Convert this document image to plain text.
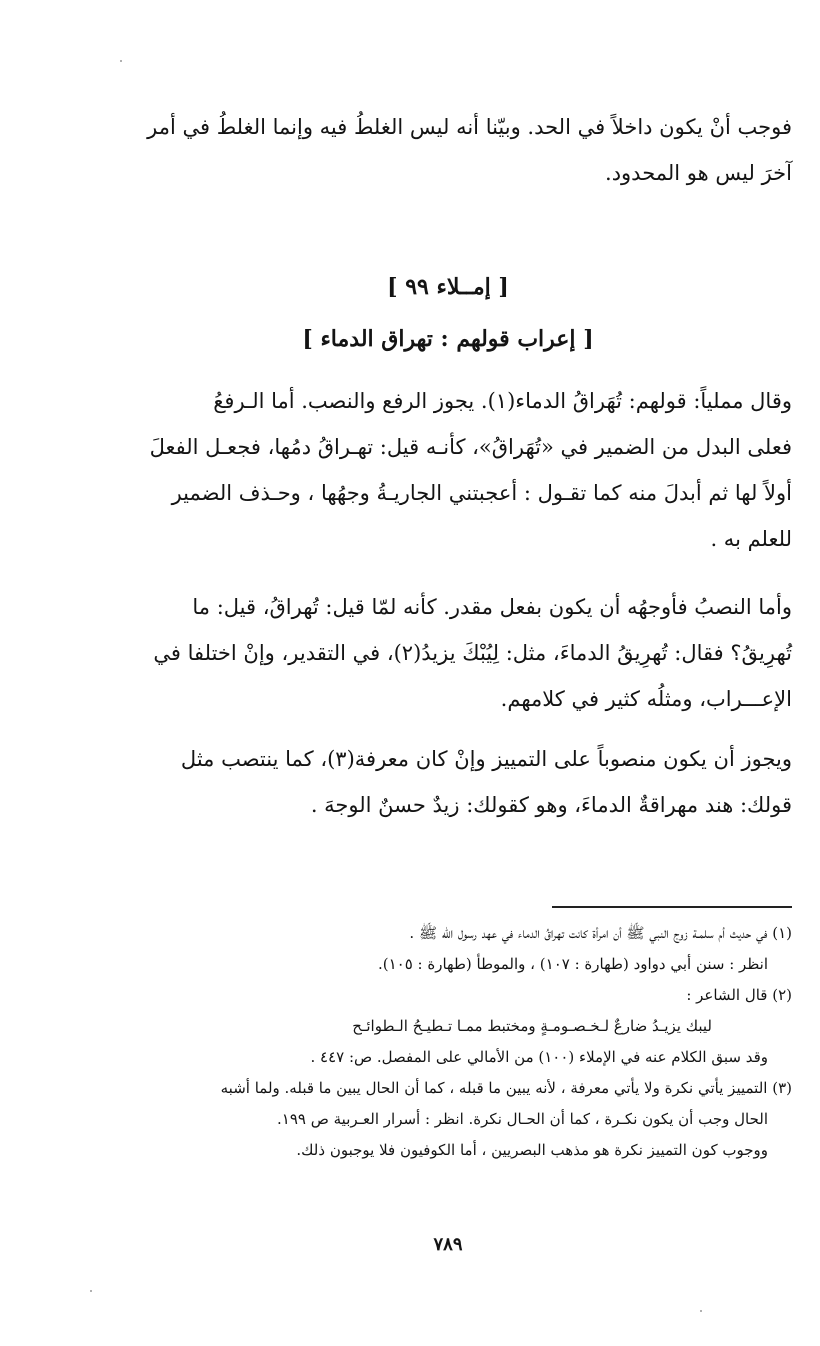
فوجب أنْ يكون داخلاً في الحد. وبيّنا أنه ليس الغلطُ فيه وإنما الغلطُ في أمر
آخرَ ليس هو المحدود.

[ إمــلاء ٩٩ ]
[ إعراب قولهم : تهراق الدماء ]

وقال مملياً: قولهم: تُهَراقُ الدماء(١). يجوز الرفع والنصب. أما الـرفعُ
فعلى البدل من الضمير في «تُهَراقُ»، كأنـه قيل: تهـراقُ دمُها، فجعـل الفعلَ
أولاً لها ثم أبدلَ منه كما تقـول : أعجبتني الجاريـةُ وجهُها ، وحـذف الضمير
للعلم به .

وأما النصبُ فأوجهُه أن يكون بفعل مقدر. كأنه لمّا قيل: تُهراقُ، قيل: ما
تُهرِيقُ؟ فقال: تُهرِيقُ الدماءَ، مثل: لِيُبْكَ يزيدُ(٢)، في التقدير، وإنْ اختلفا في
الإعـــراب، ومثلُه كثير في كلامهم.

ويجوز أن يكون منصوباً على التمييز وإنْ كان معرفة(٣)، كما ينتصب مثل
قولك: هند مهراقةٌ الدماءَ، وهو كقولك: زيدٌ حسنٌ الوجهَ .

(١) في حديث أم سلمـة زوج النبي ﷺ أن امرأة كانت تهراقُ الدماء في عهد رسول الله ﷺ .
انظر : سنن أبي دواود (طهارة : ١٠٧) ، والموطأ (طهارة : ١٠٥).
(٢) قال الشاعر :
ليبك يزيـدُ ضارعٌ لـخـصـومـةٍ ومختبط ممـا تـطيـحُ الـطوائـح
وقد سبق الكلام عنه في الإملاء (١٠٠) من الأمالي على المفصل. ص: ٤٤٧ .
(٣) التمييز يأتي نكرة ولا يأتي معرفة ، لأنه يبين ما قبله ، كما أن الحال يبين ما قبله. ولما أشبه
الحال وجب أن يكون نكـرة ، كما أن الحـال نكرة. انظر : أسرار العـربية ص ١٩٩.
ووجوب كون التمييز نكرة هو مذهب البصريين ، أما الكوفيون فلا يوجبون ذلك.
٧٨٩
